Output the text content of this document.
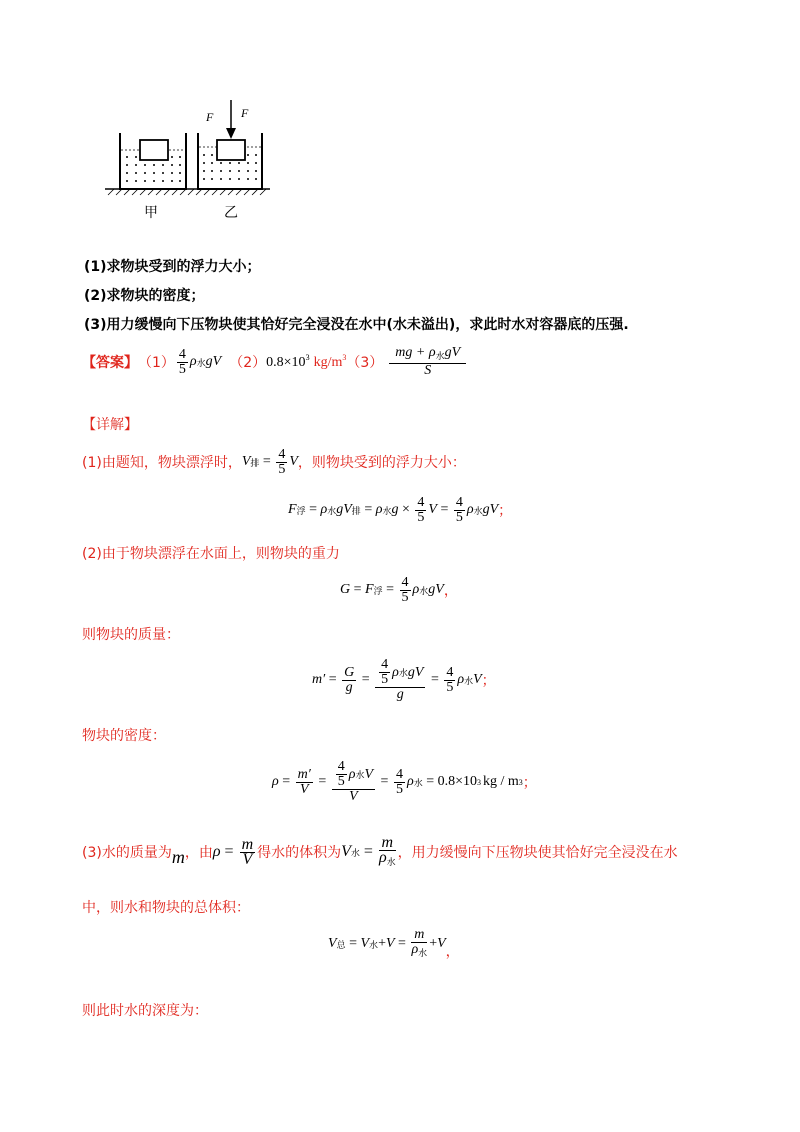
F F
甲	乙
(1)求物块受到的浮力大小；
(2)求物块的密度；
(3)用力缓慢向下压物块使其恰好完全浸没在水中(水未溢出)，求此时水对容器底的压强.
【答案】 $(1) \frac{4}{5}$ ρ 水 g V （2） $0.8\times 10^3$ $kg/m^3$ $(3) \frac{mg + \rho_水gV}{S}$
【详解】
(1)由题知，物块漂浮时， V 排 = $\frac{4}{5}$ V ，则物块受到的浮力大小：
F 浮 = ρ 水 g V 排 = ρ 水 $g \times \frac{4}{5}$ $V = \frac{4}{5}$ ρ 水 g V ；
(2)由于物块漂浮在水面上，则物块的重力
G = F 浮 = $\frac{4}{5}$ ρ 水 g V ，
则物块的质量：
$m' = \frac{G}{g} = \frac{\frac{4}{5} \rho 水 g V}{g} = \frac{4}{5}$ ρ 水 V ；
物块的密度：
$\rho = \frac{m'}{V} = \frac{\frac{4}{5} \rho 水 V}{V} = \frac{4}{5}$ ρ 水 = 0.8×10 3 kg / m 3 ；
(3)水的质量为 m ，由 $\rho = \frac{m}{V}$ 得水的体积为 V 水 = $\frac{m}{\rho_水}$ ，用力缓慢向下压物块使其恰好完全浸没在水
中，则水和物块的总体积：
V 总 = V 水 + $V = \frac{m}{\rho_水} + V$
，
则此时水的深度为：
